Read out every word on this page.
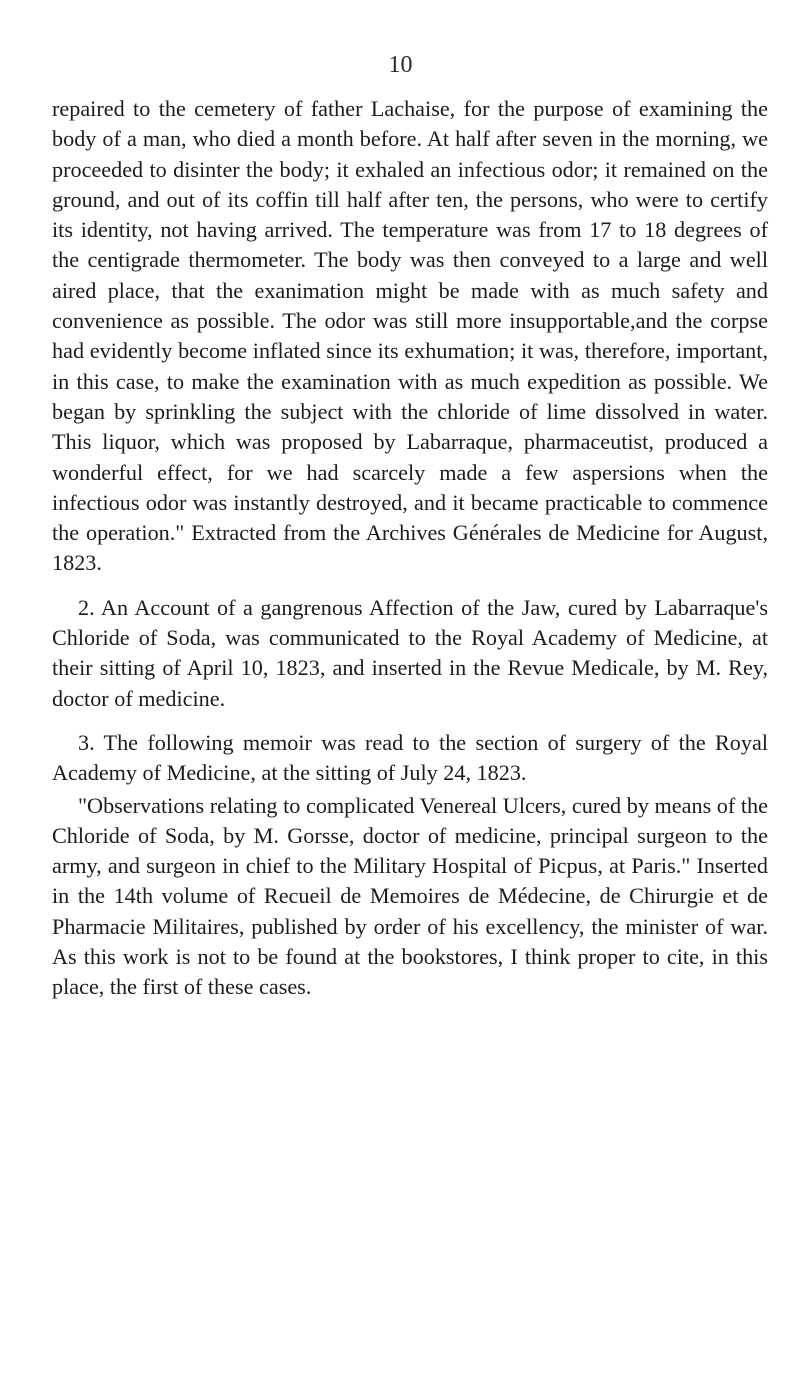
10

repaired to the cemetery of father Lachaise, for the purpose of examining the body of a man, who died a month before. At half after seven in the morning, we proceeded to disinter the body; it exhaled an infectious odor; it remained on the ground, and out of its coffin till half after ten, the persons, who were to certify its identity, not having arrived. The temperature was from 17 to 18 degrees of the centigrade thermometer. The body was then conveyed to a large and well aired place, that the exanimation might be made with as much safety and convenience as possible. The odor was still more insupportable,and the corpse had evidently become inflated since its exhumation; it was, therefore, important, in this case, to make the examination with as much expedition as possible. We began by sprinkling the subject with the chloride of lime dissolved in water. This liquor, which was proposed by Labarraque, pharmaceutist, produced a wonderful effect, for we had scarcely made a few aspersions when the infectious odor was instantly destroyed, and it became practicable to commence the operation." Extracted from the Archives Générales de Medicine for August, 1823.

2. An Account of a gangrenous Affection of the Jaw, cured by Labarraque's Chloride of Soda, was communicated to the Royal Academy of Medicine, at their sitting of April 10, 1823, and inserted in the Revue Medicale, by M. Rey, doctor of medicine.

3. The following memoir was read to the section of surgery of the Royal Academy of Medicine, at the sitting of July 24, 1823.

"Observations relating to complicated Venereal Ulcers, cured by means of the Chloride of Soda, by M. Gorsse, doctor of medicine, principal surgeon to the army, and surgeon in chief to the Military Hospital of Picpus, at Paris." Inserted in the 14th volume of Recueil de Memoires de Médecine, de Chirurgie et de Pharmacie Militaires, published by order of his excellency, the minister of war. As this work is not to be found at the bookstores, I think proper to cite, in this place, the first of these cases.
